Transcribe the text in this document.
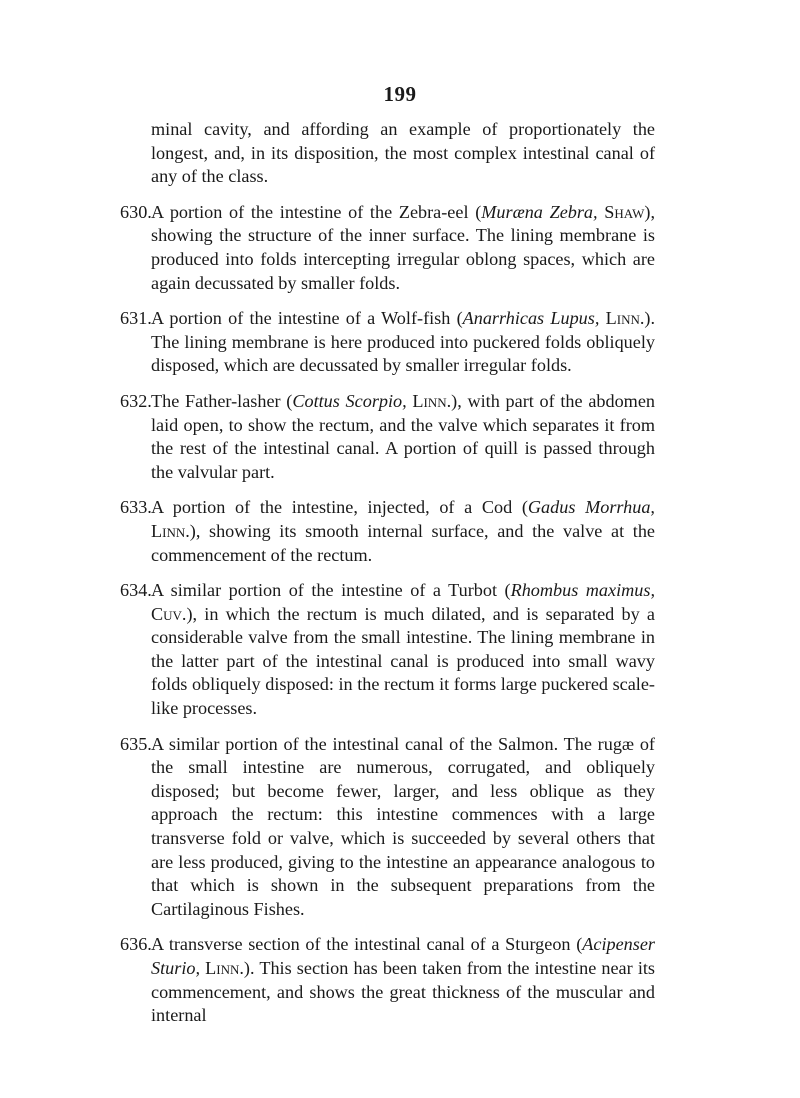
199

minal cavity, and affording an example of proportionately the longest, and, in its disposition, the most complex intestinal canal of any of the class.

630. A portion of the intestine of the Zebra-eel (Muræna Zebra, Shaw), showing the structure of the inner surface. The lining membrane is produced into folds intercepting irregular oblong spaces, which are again decussated by smaller folds.
631. A portion of the intestine of a Wolf-fish (Anarrhicas Lupus, Linn.). The lining membrane is here produced into puckered folds obliquely disposed, which are decussated by smaller irregular folds.
632. The Father-lasher (Cottus Scorpio, Linn.), with part of the abdomen laid open, to show the rectum, and the valve which separates it from the rest of the intestinal canal. A portion of quill is passed through the valvular part.
633. A portion of the intestine, injected, of a Cod (Gadus Morrhua, Linn.), showing its smooth internal surface, and the valve at the commencement of the rectum.
634. A similar portion of the intestine of a Turbot (Rhombus maximus, Cuv.), in which the rectum is much dilated, and is separated by a considerable valve from the small intestine. The lining membrane in the latter part of the intestinal canal is produced into small wavy folds obliquely disposed: in the rectum it forms large puckered scale-like processes.
635. A similar portion of the intestinal canal of the Salmon. The rugæ of the small intestine are numerous, corrugated, and obliquely disposed; but become fewer, larger, and less oblique as they approach the rectum: this intestine commences with a large transverse fold or valve, which is succeeded by several others that are less produced, giving to the intestine an appearance analogous to that which is shown in the subsequent preparations from the Cartilaginous Fishes.
636. A transverse section of the intestinal canal of a Sturgeon (Acipenser Sturio, Linn.). This section has been taken from the intestine near its commencement, and shows the great thickness of the muscular and internal
